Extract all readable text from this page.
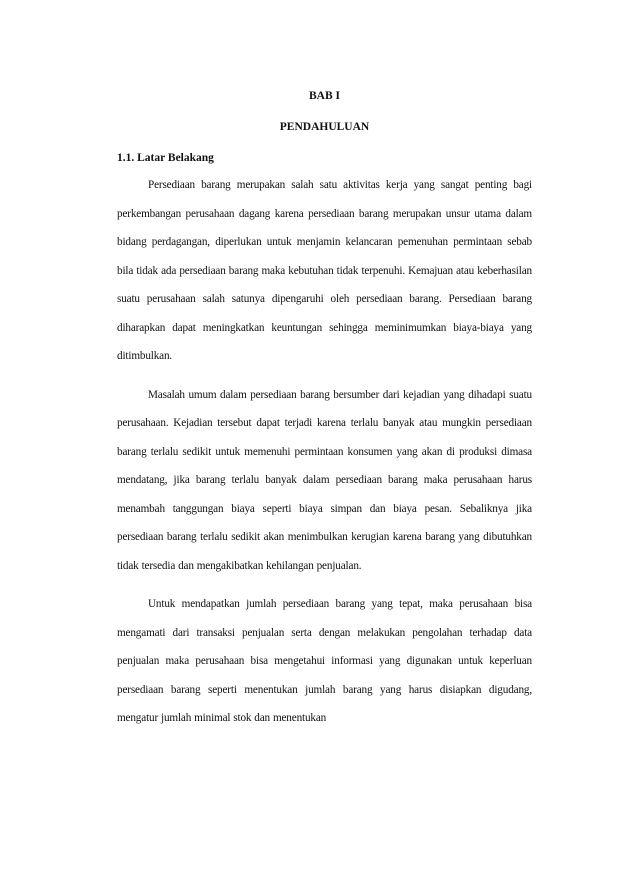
BAB I
PENDAHULUAN
1.1. Latar Belakang

Persediaan barang merupakan salah satu aktivitas kerja yang sangat penting bagi perkembangan perusahaan dagang karena persediaan barang merupakan unsur utama dalam bidang perdagangan, diperlukan untuk menjamin kelancaran pemenuhan permintaan sebab bila tidak ada persediaan barang maka kebutuhan tidak terpenuhi. Kemajuan atau keberhasilan suatu perusahaan salah satunya dipengaruhi oleh persediaan barang. Persediaan barang diharapkan dapat meningkatkan keuntungan sehingga meminimumkan biaya-biaya yang ditimbulkan.

Masalah umum dalam persediaan barang bersumber dari kejadian yang dihadapi suatu perusahaan. Kejadian tersebut dapat terjadi karena terlalu banyak atau mungkin persediaan barang terlalu sedikit untuk memenuhi permintaan konsumen yang akan di produksi dimasa mendatang, jika barang terlalu banyak dalam persediaan barang maka perusahaan harus menambah tanggungan biaya seperti biaya simpan dan biaya pesan. Sebaliknya jika persediaan barang terlalu sedikit akan menimbulkan kerugian karena barang yang dibutuhkan tidak tersedia dan mengakibatkan kehilangan penjualan.

Untuk mendapatkan jumlah persediaan barang yang tepat, maka perusahaan bisa mengamati dari transaksi penjualan serta dengan melakukan pengolahan terhadap data penjualan maka perusahaan bisa mengetahui informasi yang digunakan untuk keperluan persediaan barang seperti menentukan jumlah barang yang harus disiapkan digudang, mengatur jumlah minimal stok dan menentukan
